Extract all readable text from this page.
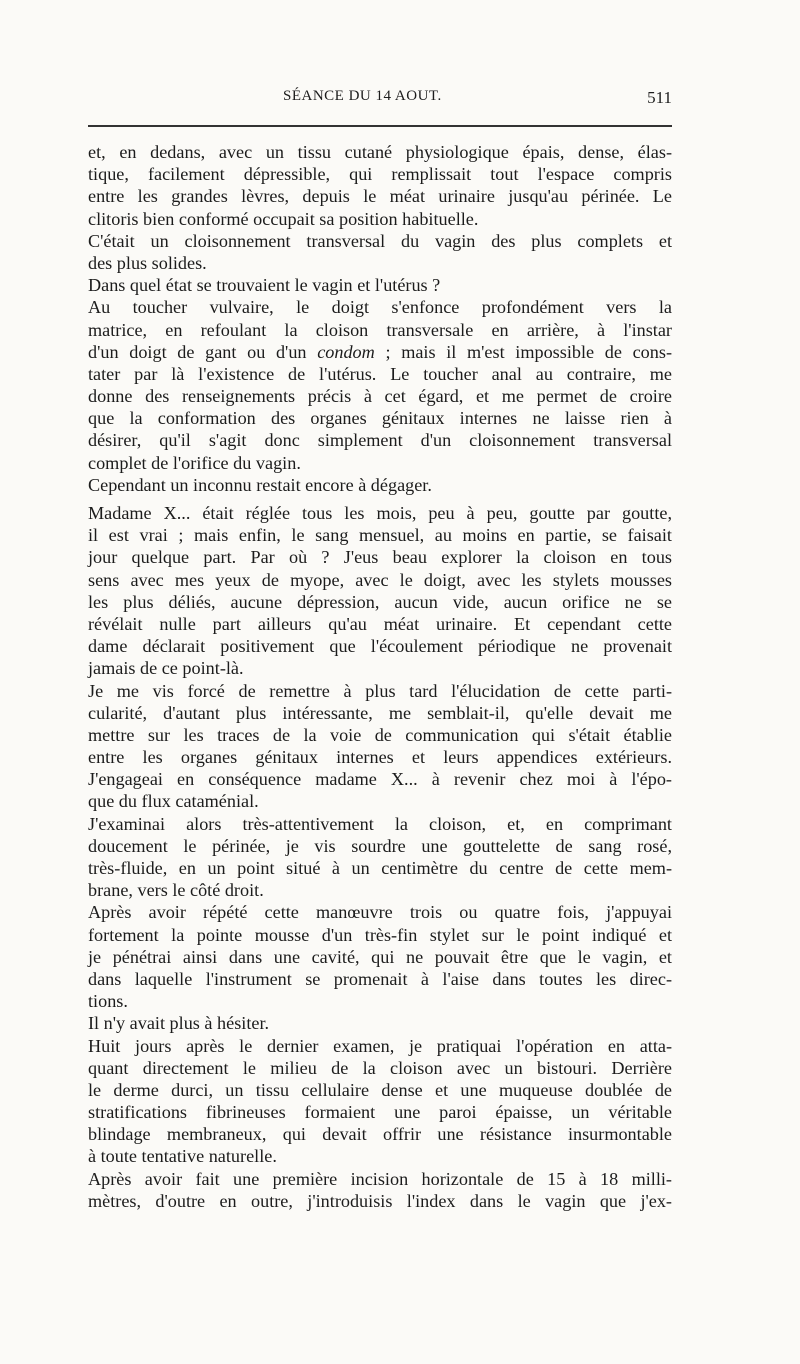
SÉANCE DU 14 AOUT.	511
et, en dedans, avec un tissu cutané physiologique épais, dense, élas-
tique, facilement dépressible, qui remplissait tout l'espace compris
entre les grandes lèvres, depuis le méat urinaire jusqu'au périnée. Le
clitoris bien conformé occupait sa position habituelle.
C'était un cloisonnement transversal du vagin des plus complets et
des plus solides.
Dans quel état se trouvaient le vagin et l'utérus ?
Au toucher vulvaire, le doigt s'enfonce profondément vers la
matrice, en refoulant la cloison transversale en arrière, à l'instar
d'un doigt de gant ou d'un condom ; mais il m'est impossible de cons-
tater par là l'existence de l'utérus. Le toucher anal au contraire, me
donne des renseignements précis à cet égard, et me permet de croire
que la conformation des organes génitaux internes ne laisse rien à
désirer, qu'il s'agit donc simplement d'un cloisonnement transversal
complet de l'orifice du vagin.
Cependant un inconnu restait encore à dégager.
Madame X... était réglée tous les mois, peu à peu, goutte par goutte,
il est vrai ; mais enfin, le sang mensuel, au moins en partie, se faisait
jour quelque part. Par où ? J'eus beau explorer la cloison en tous
sens avec mes yeux de myope, avec le doigt, avec les stylets mousses
les plus déliés, aucune dépression, aucun vide, aucun orifice ne se
révélait nulle part ailleurs qu'au méat urinaire. Et cependant cette
dame déclarait positivement que l'écoulement périodique ne provenait
jamais de ce point-là.
Je me vis forcé de remettre à plus tard l'élucidation de cette parti-
cularité, d'autant plus intéressante, me semblait-il, qu'elle devait me
mettre sur les traces de la voie de communication qui s'était établie
entre les organes génitaux internes et leurs appendices extérieurs.
J'engageai en conséquence madame X... à revenir chez moi à l'épo-
que du flux cataménial.
J'examinai alors très-attentivement la cloison, et, en comprimant
doucement le périnée, je vis sourdre une gouttelette de sang rosé,
très-fluide, en un point situé à un centimètre du centre de cette mem-
brane, vers le côté droit.
Après avoir répété cette manœuvre trois ou quatre fois, j'appuyai
fortement la pointe mousse d'un très-fin stylet sur le point indiqué et
je pénétrai ainsi dans une cavité, qui ne pouvait être que le vagin, et
dans laquelle l'instrument se promenait à l'aise dans toutes les direc-
tions.
Il n'y avait plus à hésiter.
Huit jours après le dernier examen, je pratiquai l'opération en atta-
quant directement le milieu de la cloison avec un bistouri. Derrière
le derme durci, un tissu cellulaire dense et une muqueuse doublée de
stratifications fibrineuses formaient une paroi épaisse, un véritable
blindage membraneux, qui devait offrir une résistance insurmontable
à toute tentative naturelle.
Après avoir fait une première incision horizontale de 15 à 18 milli-
mètres, d'outre en outre, j'introduisis l'index dans le vagin que j'ex-
